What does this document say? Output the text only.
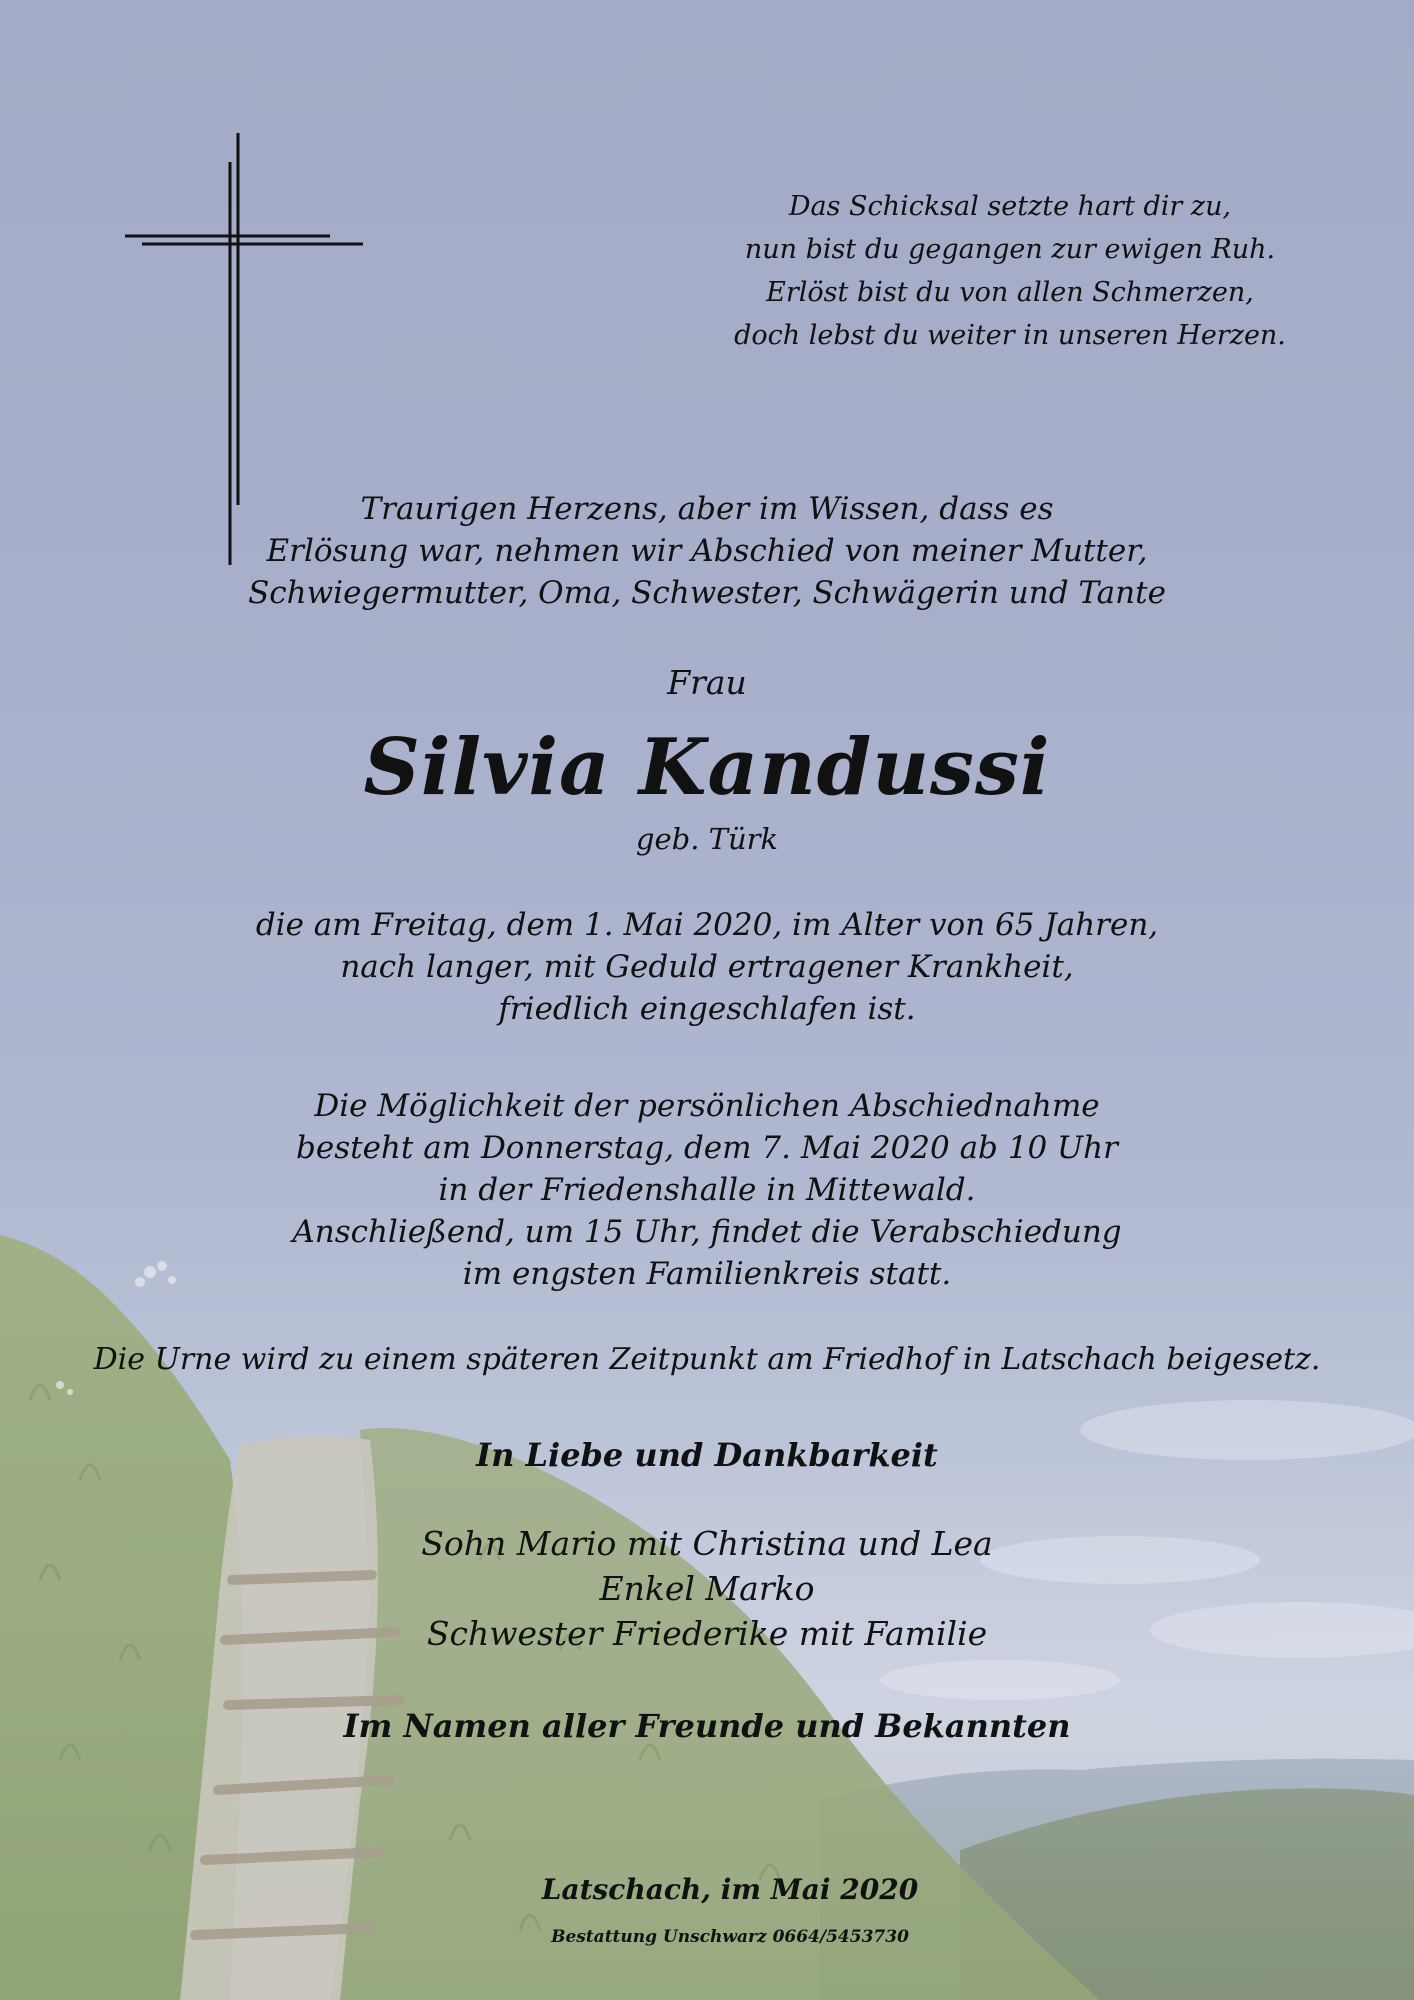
Das Schicksal setzte hart dir zu,
nun bist du gegangen zur ewigen Ruh.
Erlöst bist du von allen Schmerzen,
doch lebst du weiter in unseren Herzen.
Traurigen Herzens, aber im Wissen, dass es
Erlösung war, nehmen wir Abschied von meiner Mutter,
Schwiegermutter, Oma, Schwester, Schwägerin und Tante
Frau
Silvia Kandussi
geb. Türk
die am Freitag, dem 1. Mai 2020, im Alter von 65 Jahren,
nach langer, mit Geduld ertragener Krankheit,
friedlich eingeschlafen ist.
Die Möglichkeit der persönlichen Abschiednahme
besteht am Donnerstag, dem 7. Mai 2020 ab 10 Uhr
in der Friedenshalle in Mittewald.
Anschließend, um 15 Uhr, findet die Verabschiedung
im engsten Familienkreis statt.
Die Urne wird zu einem späteren Zeitpunkt am Friedhof in Latschach beigesetz.
In Liebe und Dankbarkeit
Sohn Mario mit Christina und Lea
Enkel Marko
Schwester Friederike mit Familie
Im Namen aller Freunde und Bekannten
Latschach, im Mai 2020
Bestattung Unschwarz 0664/5453730
